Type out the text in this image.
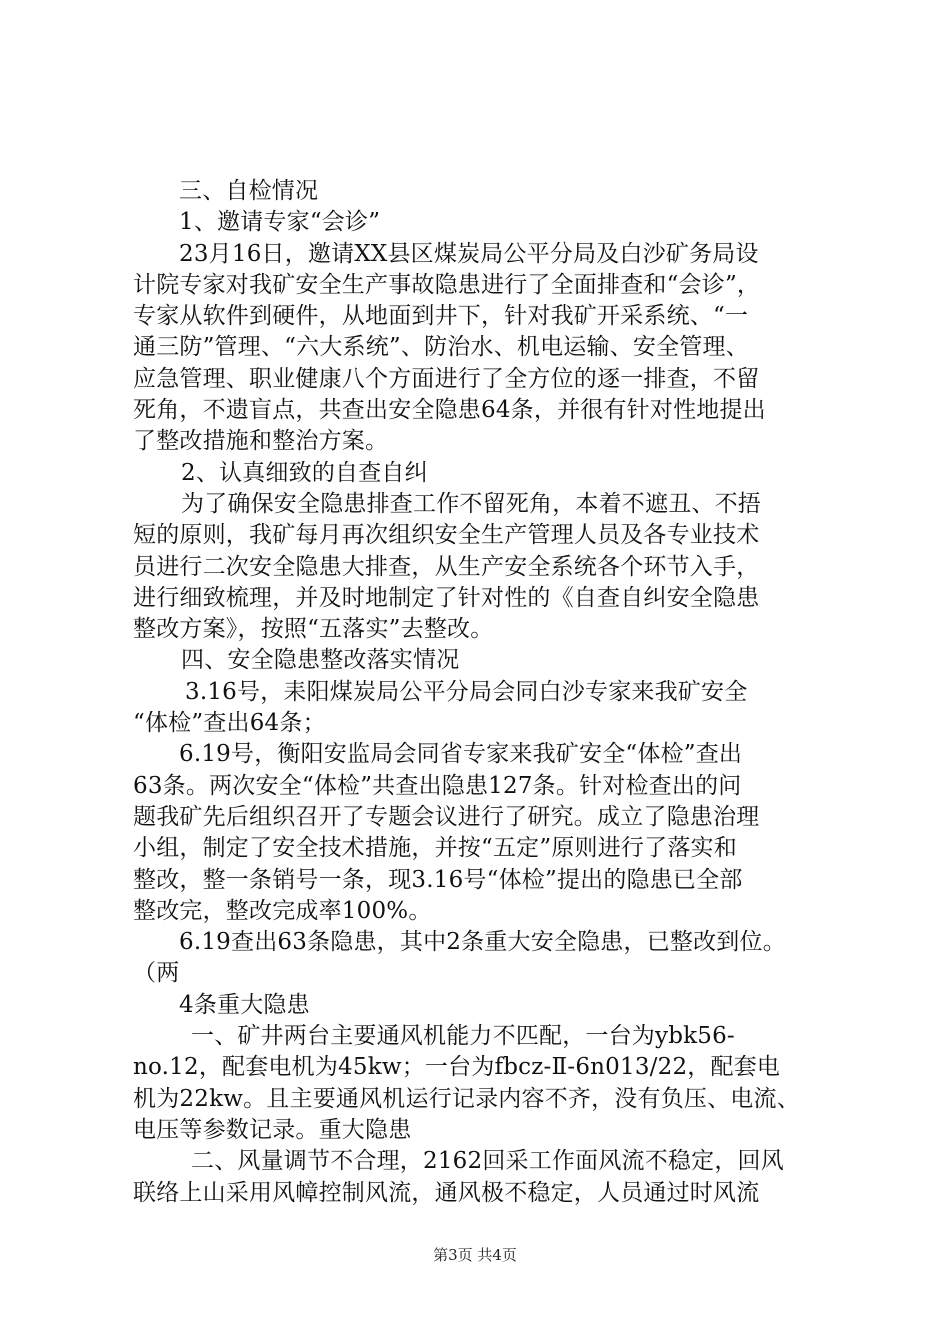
三、自检情况
1、邀请专家“会诊”
23月16日，邀请XX县区煤炭局公平分局及白沙矿务局设
计院专家对我矿安全生产事故隐患进行了全面排查和“会诊”，
专家从软件到硬件，从地面到井下，针对我矿开采系统、“一
通三防”管理、“六大系统”、防治水、机电运输、安全管理、
应急管理、职业健康八个方面进行了全方位的逐一排查，不留
死角，不遗盲点，共查出安全隐患64条，并很有针对性地提出
了整改措施和整治方案。
2、认真细致的自查自纠
为了确保安全隐患排查工作不留死角，本着不遮丑、不捂
短的原则，我矿每月再次组织安全生产管理人员及各专业技术
员进行二次安全隐患大排查，从生产安全系统各个环节入手，
进行细致梳理，并及时地制定了针对性的《自查自纠安全隐患
整改方案》，按照“五落实”去整改。
四、安全隐患整改落实情况
3.16号，耒阳煤炭局公平分局会同白沙专家来我矿安全
“体检”查出64条；
6.19号，衡阳安监局会同省专家来我矿安全“体检”查出
63条。两次安全“体检”共查出隐患127条。针对检查出的问
题我矿先后组织召开了专题会议进行了研究。成立了隐患治理
小组，制定了安全技术措施，并按“五定”原则进行了落实和
整改，整一条销号一条，现3.16号“体检”提出的隐患已全部
整改完，整改完成率100%。
6.19查出63条隐患，其中2条重大安全隐患，已整改到位。
（两
4条重大隐患
一、矿井两台主要通风机能力不匹配，一台为ybk56-
no.12，配套电机为45kw；一台为fbcz-Ⅱ-6n013/22，配套电
机为22kw。且主要通风机运行记录内容不齐，没有负压、电流、
电压等参数记录。重大隐患
二、风量调节不合理，2162回采工作面风流不稳定，回风
联络上山采用风幛控制风流，通风极不稳定，人员通过时风流
第3页 共4页
